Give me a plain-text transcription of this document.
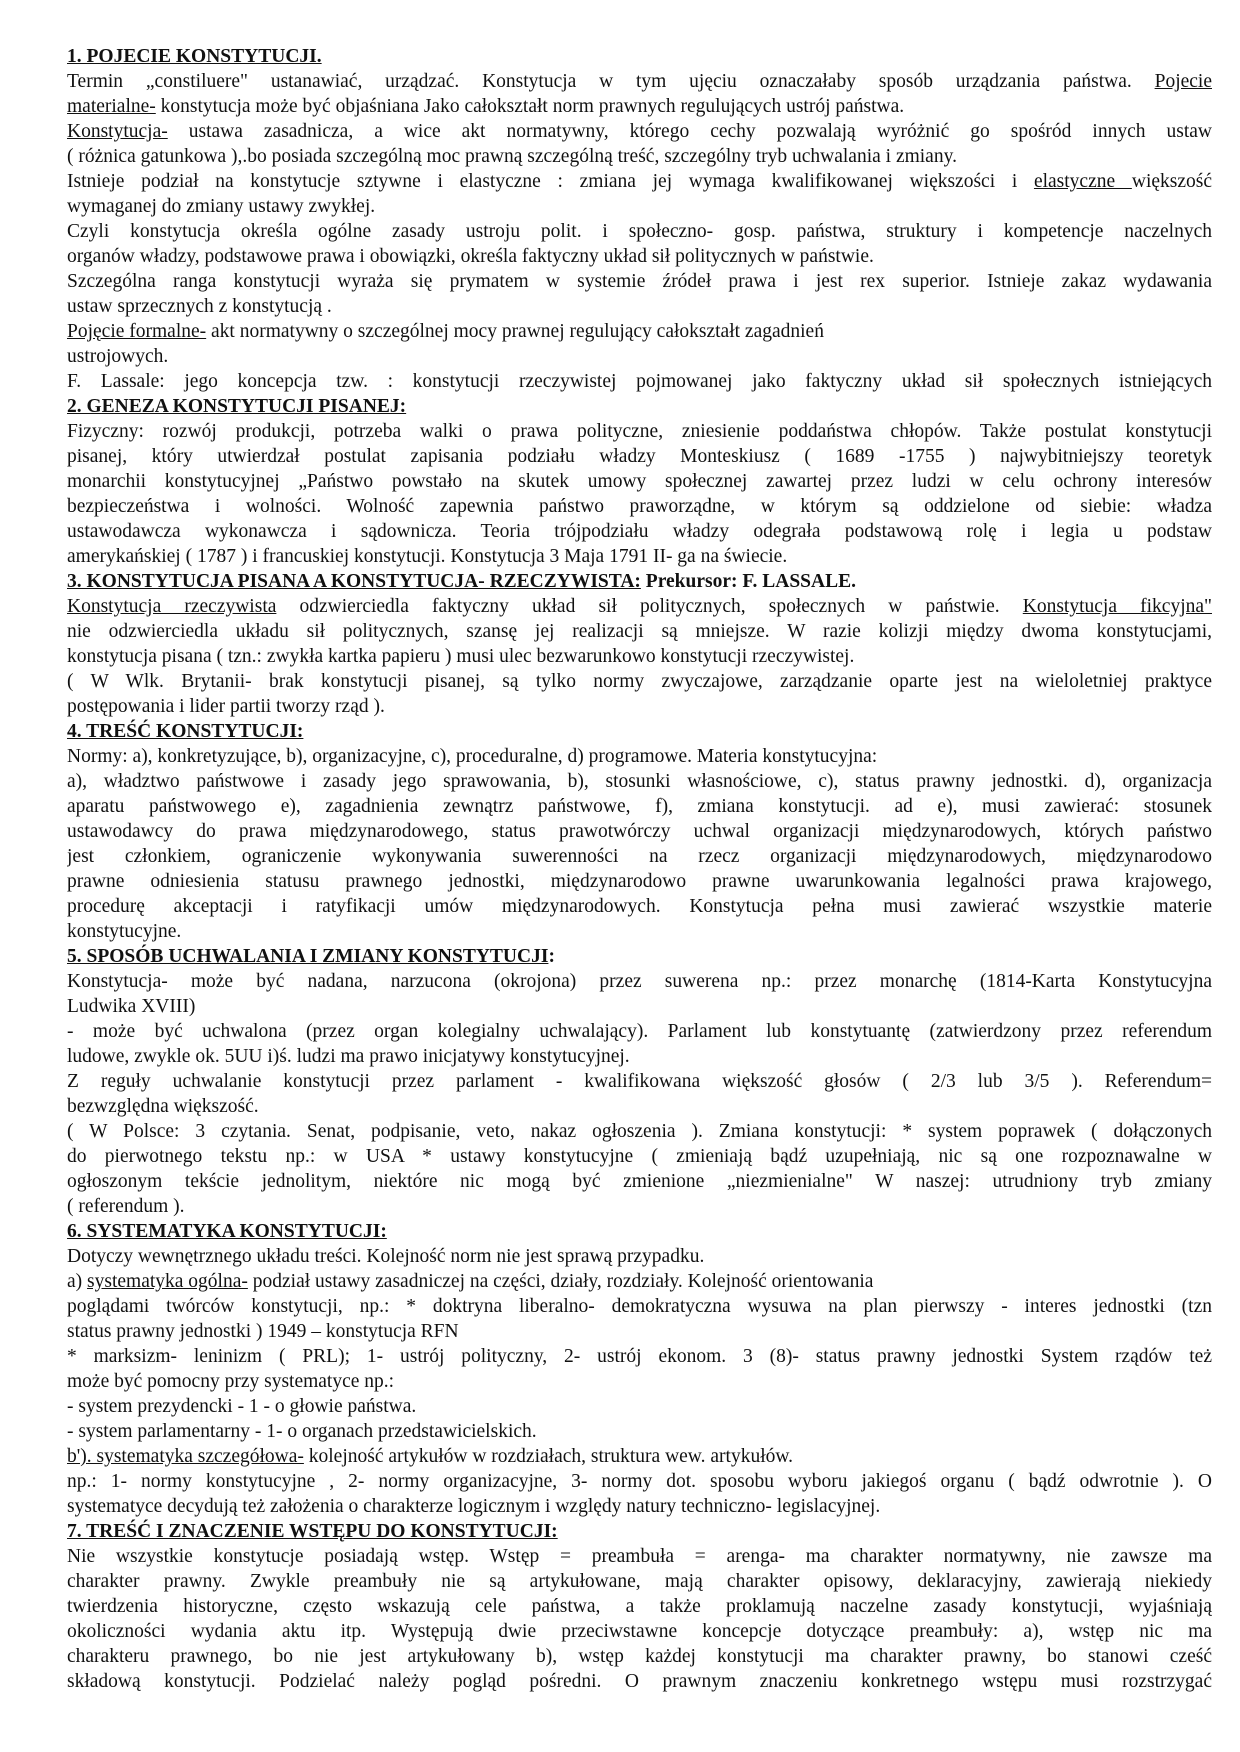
1. POJECIE KONSTYTUCJI.
Termin „constiluere" ustanawiać, urządzać. Konstytucja w tym ujęciu oznaczałaby sposób urządzania państwa. Pojecie
materialne- konstytucja może być objaśniana Jako całokształt norm prawnych regulujących ustrój państwa.
Konstytucja- ustawa zasadnicza, a wice akt normatywny, którego cechy pozwalają wyróżnić go spośród innych ustaw
( różnica gatunkowa ),.bo posiada szczególną moc prawną szczególną treść, szczególny tryb uchwalania i zmiany.
Istnieje podział na konstytucje sztywne i elastyczne : zmiana jej wymaga kwalifikowanej większości i elastyczne większość
wymaganej do zmiany ustawy zwykłej.
Czyli konstytucja określa ogólne zasady ustroju polit. i społeczno- gosp. państwa, struktury i kompetencje naczelnych
organów władzy, podstawowe prawa i obowiązki, określa faktyczny układ sił politycznych w państwie.
Szczególna ranga konstytucji wyraża się prymatem w systemie źródeł prawa i jest rex superior. Istnieje zakaz wydawania
ustaw sprzecznych z konstytucją .
Pojęcie formalne- akt normatywny o szczególnej mocy prawnej regulujący całokształt zagadnień
ustrojowych.
F. Lassale: jego koncepcja tzw. : konstytucji rzeczywistej pojmowanej jako faktyczny układ sił społecznych istniejących
2. GENEZA KONSTYTUCJI PISANEJ:
Fizyczny: rozwój produkcji, potrzeba walki o prawa polityczne, zniesienie poddaństwa chłopów. Także postulat konstytucji
pisanej, który utwierdzał postulat zapisania podziału władzy Monteskiusz ( 1689 -1755 ) najwybitniejszy teoretyk
monarchii konstytucyjnej „Państwo powstało na skutek umowy społecznej zawartej przez ludzi w celu ochrony interesów
bezpieczeństwa i wolności. Wolność zapewnia państwo praworządne, w którym są oddzielone od siebie: władza
ustawodawcza wykonawcza i sądownicza. Teoria trójpodziału władzy odegrała podstawową rolę i legia u podstaw
amerykańskiej ( 1787 ) i francuskiej konstytucji. Konstytucja 3 Maja 1791 II- ga na świecie.
3. KONSTYTUCJA PISANA A KONSTYTUCJA- RZECZYWISTA: Prekursor: F. LASSALE.
Konstytucja rzeczywista odzwierciedla faktyczny układ sił politycznych, społecznych w państwie. Konstytucja fikcyjna"
nie odzwierciedla układu sił politycznych, szansę jej realizacji są mniejsze. W razie kolizji między dwoma konstytucjami,
konstytucja pisana ( tzn.: zwykła kartka papieru ) musi ulec bezwarunkowo konstytucji rzeczywistej.
( W Wlk. Brytanii- brak konstytucji pisanej, są tylko normy zwyczajowe, zarządzanie oparte jest na wieloletniej praktyce
postępowania i lider partii tworzy rząd ).
4. TREŚĆ KONSTYTUCJI:
Normy: a), konkretyzujące, b), organizacyjne, c), proceduralne, d) programowe. Materia konstytucyjna:
a), władztwo państwowe i zasady jego sprawowania, b), stosunki własnościowe, c), status prawny jednostki. d), organizacja
aparatu państwowego e), zagadnienia zewnątrz państwowe, f), zmiana konstytucji. ad e), musi zawierać: stosunek
ustawodawcy do prawa międzynarodowego, status prawotwórczy uchwal organizacji międzynarodowych, których państwo
jest członkiem, ograniczenie wykonywania suwerenności na rzecz organizacji międzynarodowych, międzynarodowo
prawne odniesienia statusu prawnego jednostki, międzynarodowo prawne uwarunkowania legalności prawa krajowego,
procedurę akceptacji i ratyfikacji umów międzynarodowych. Konstytucja pełna musi zawierać wszystkie materie
konstytucyjne.
5. SPOSÓB UCHWALANIA I ZMIANY KONSTYTUCJI:
Konstytucja- może być nadana, narzucona (okrojona) przez suwerena np.: przez monarchę (1814-Karta Konstytucyjna
Ludwika XVIII)
- może być uchwalona (przez organ kolegialny uchwalający). Parlament lub konstytuantę (zatwierdzony przez referendum
ludowe, zwykle ok. 5UU i)ś. ludzi ma prawo inicjatywy konstytucyjnej.
Z reguły uchwalanie konstytucji przez parlament - kwalifikowana większość głosów ( 2/3 lub 3/5 ). Referendum=
bezwzględna większość.
( W Polsce: 3 czytania. Senat, podpisanie, veto, nakaz ogłoszenia ). Zmiana konstytucji: * system poprawek ( dołączonych
do pierwotnego tekstu np.: w USA * ustawy konstytucyjne ( zmieniają bądź uzupełniają, nic są one rozpoznawalne w
ogłoszonym tekście jednolitym, niektóre nic mogą być zmienione „niezmienialne" W naszej: utrudniony tryb zmiany
( referendum ).
6. SYSTEMATYKA KONSTYTUCJI:
Dotyczy wewnętrznego układu treści. Kolejność norm nie jest sprawą przypadku.
a) systematyka ogólna- podział ustawy zasadniczej na części, działy, rozdziały. Kolejność orientowania
poglądami twórców konstytucji, np.: * doktryna liberalno- demokratyczna wysuwa na plan pierwszy - interes jednostki (tzn
status prawny jednostki ) 1949 – konstytucja RFN
* marksizm- leninizm ( PRL); 1- ustrój polityczny, 2- ustrój ekonom. 3 (8)- status prawny jednostki System rządów też
może być pomocny przy systematyce np.:
- system prezydencki - 1 - o głowie państwa.
- system parlamentarny - 1- o organach przedstawicielskich.
b'). systematyka szczegółowa- kolejność artykułów w rozdziałach, struktura wew. artykułów.
np.: 1- normy konstytucyjne , 2- normy organizacyjne, 3- normy dot. sposobu wyboru jakiegoś organu ( bądź odwrotnie ). O
systematyce decydują też założenia o charakterze logicznym i względy natury techniczno- legislacyjnej.
7. TREŚĆ I ZNACZENIE WSTĘPU DO KONSTYTUCJI:
Nie wszystkie konstytucje posiadają wstęp. Wstęp = preambuła = arenga- ma charakter normatywny, nie zawsze ma
charakter prawny. Zwykle preambuły nie są artykułowane, mają charakter opisowy, deklaracyjny, zawierają niekiedy
twierdzenia historyczne, często wskazują cele państwa, a także proklamują naczelne zasady konstytucji, wyjaśniają
okoliczności wydania aktu itp. Występują dwie przeciwstawne koncepcje dotyczące preambuły: a), wstęp nic ma
charakteru prawnego, bo nie jest artykułowany b), wstęp każdej konstytucji ma charakter prawny, bo stanowi cześć
składową konstytucji. Podzielać należy pogląd pośredni. O prawnym znaczeniu konkretnego wstępu musi rozstrzygać
